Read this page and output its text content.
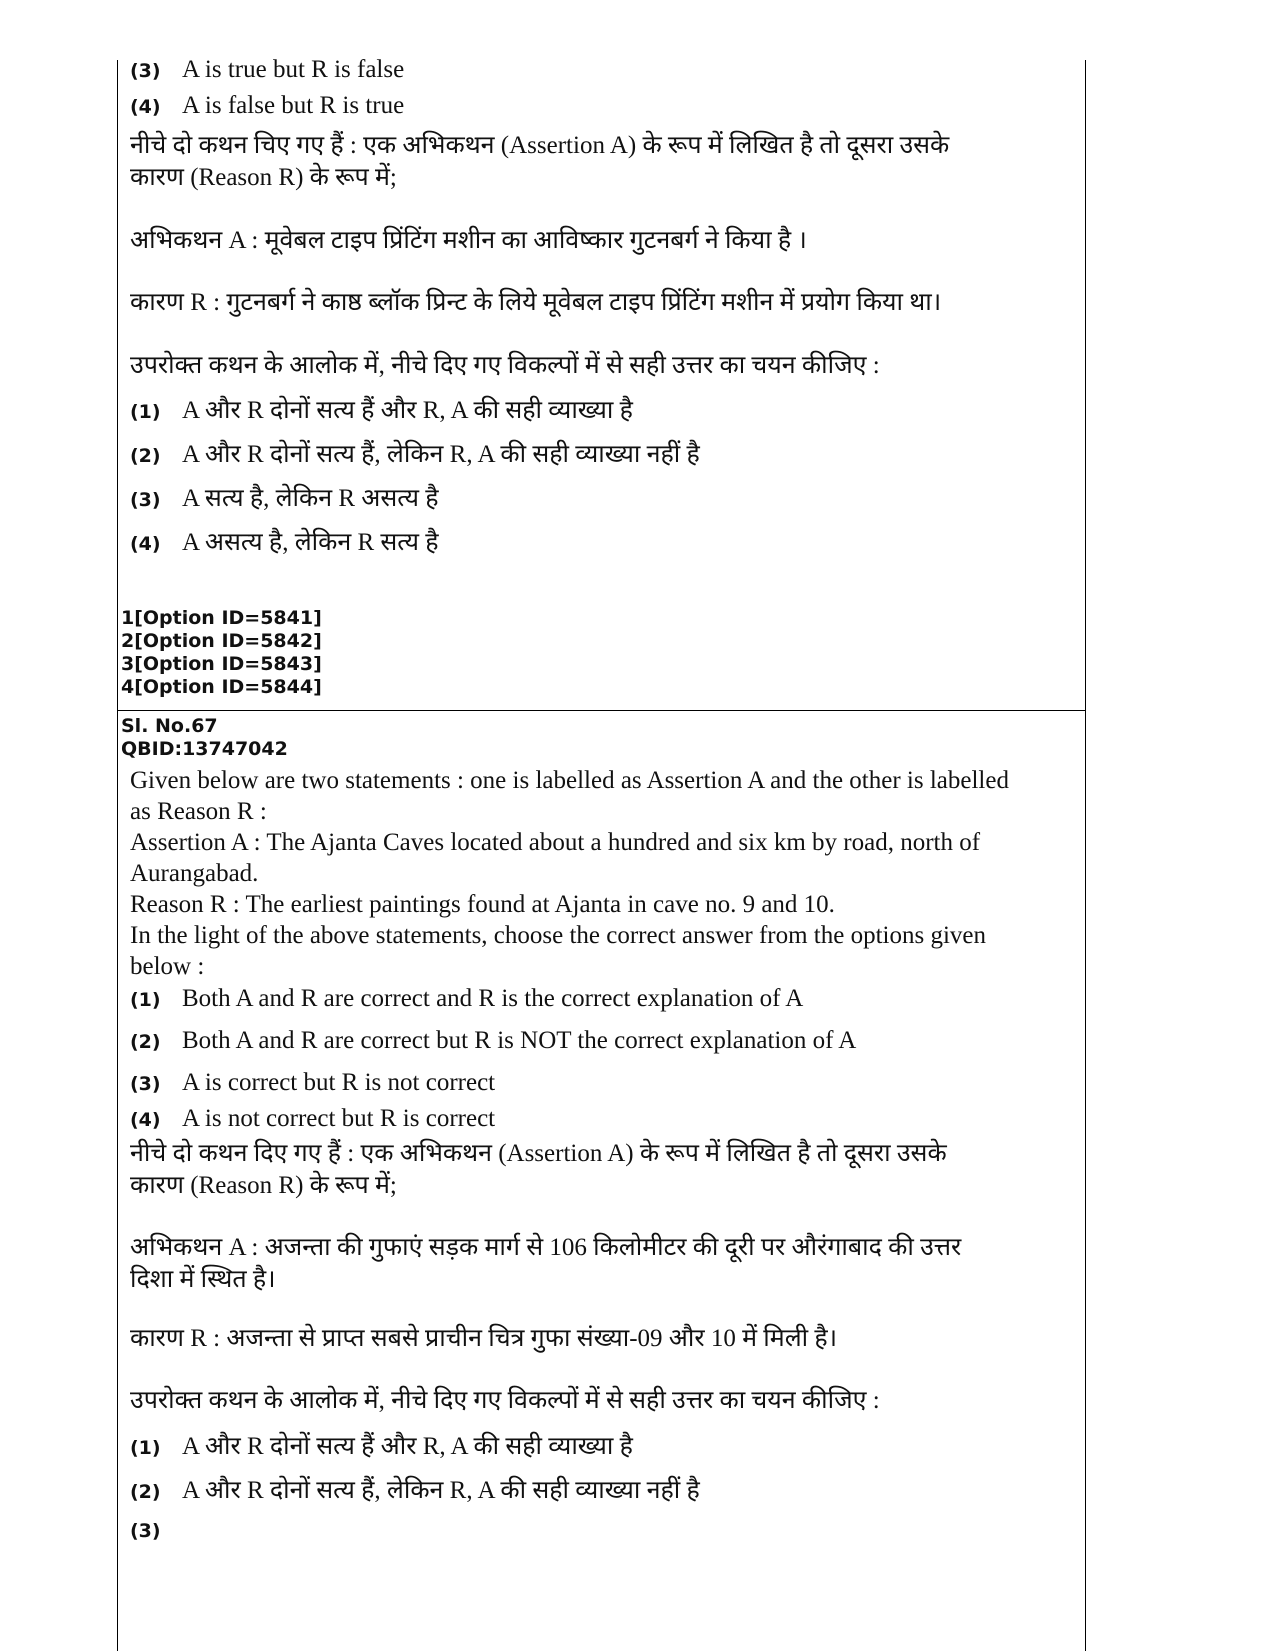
(3) A is true but R is false
(4) A is false but R is true

नीचे दो कथन चिए गए हैं : एक अभिकथन (Assertion A) के रूप में लिखित है तो दूसरा उसके कारण (Reason R) के रूप में;

अभिकथन A : मूवेबल टाइप प्रिंटिंग मशीन का आविष्कार गुटनबर्ग ने किया है ।

कारण R : गुटनबर्ग ने काष्ठ ब्लॉक प्रिन्ट के लिये मूवेबल टाइप प्रिंटिंग मशीन में प्रयोग किया था।

उपरोक्त कथन के आलोक में, नीचे दिए गए विकल्पों में से सही उत्तर का चयन कीजिए :

(1) A और R दोनों सत्य हैं और R, A की सही व्याख्या है
(2) A और R दोनों सत्य हैं, लेकिन R, A की सही व्याख्या नहीं है
(3) A सत्य है, लेकिन R असत्य है
(4) A असत्य है, लेकिन R सत्य है
1[Option ID=5841]
2[Option ID=5842]
3[Option ID=5843]
4[Option ID=5844]
Sl. No.67
QBID:13747042
Given below are two statements : one is labelled as Assertion A and the other is labelled as Reason R :
Assertion A : The Ajanta Caves located about a hundred and six km by road, north of Aurangabad.
Reason R : The earliest paintings found at Ajanta in cave no. 9 and 10.
In the light of the above statements, choose the correct answer from the options given below :
(1) Both A and R are correct and R is the correct explanation of A
(2) Both A and R are correct but R is NOT the correct explanation of A
(3) A is correct but R is not correct
(4) A is not correct but R is correct

नीचे दो कथन दिए गए हैं : एक अभिकथन (Assertion A) के रूप में लिखित है तो दूसरा उसके कारण (Reason R) के रूप में;

अभिकथन A : अजन्ता की गुफाएं सड़क मार्ग से 106 किलोमीटर की दूरी पर औरंगाबाद की उत्तर दिशा में स्थित है।

कारण R : अजन्ता से प्राप्त सबसे प्राचीन चित्र गुफा संख्या-09 और 10 में मिली है।

उपरोक्त कथन के आलोक में, नीचे दिए गए विकल्पों में से सही उत्तर का चयन कीजिए :

(1) A और R दोनों सत्य हैं और R, A की सही व्याख्या है
(2) A और R दोनों सत्य हैं, लेकिन R, A की सही व्याख्या नहीं है
(3)
